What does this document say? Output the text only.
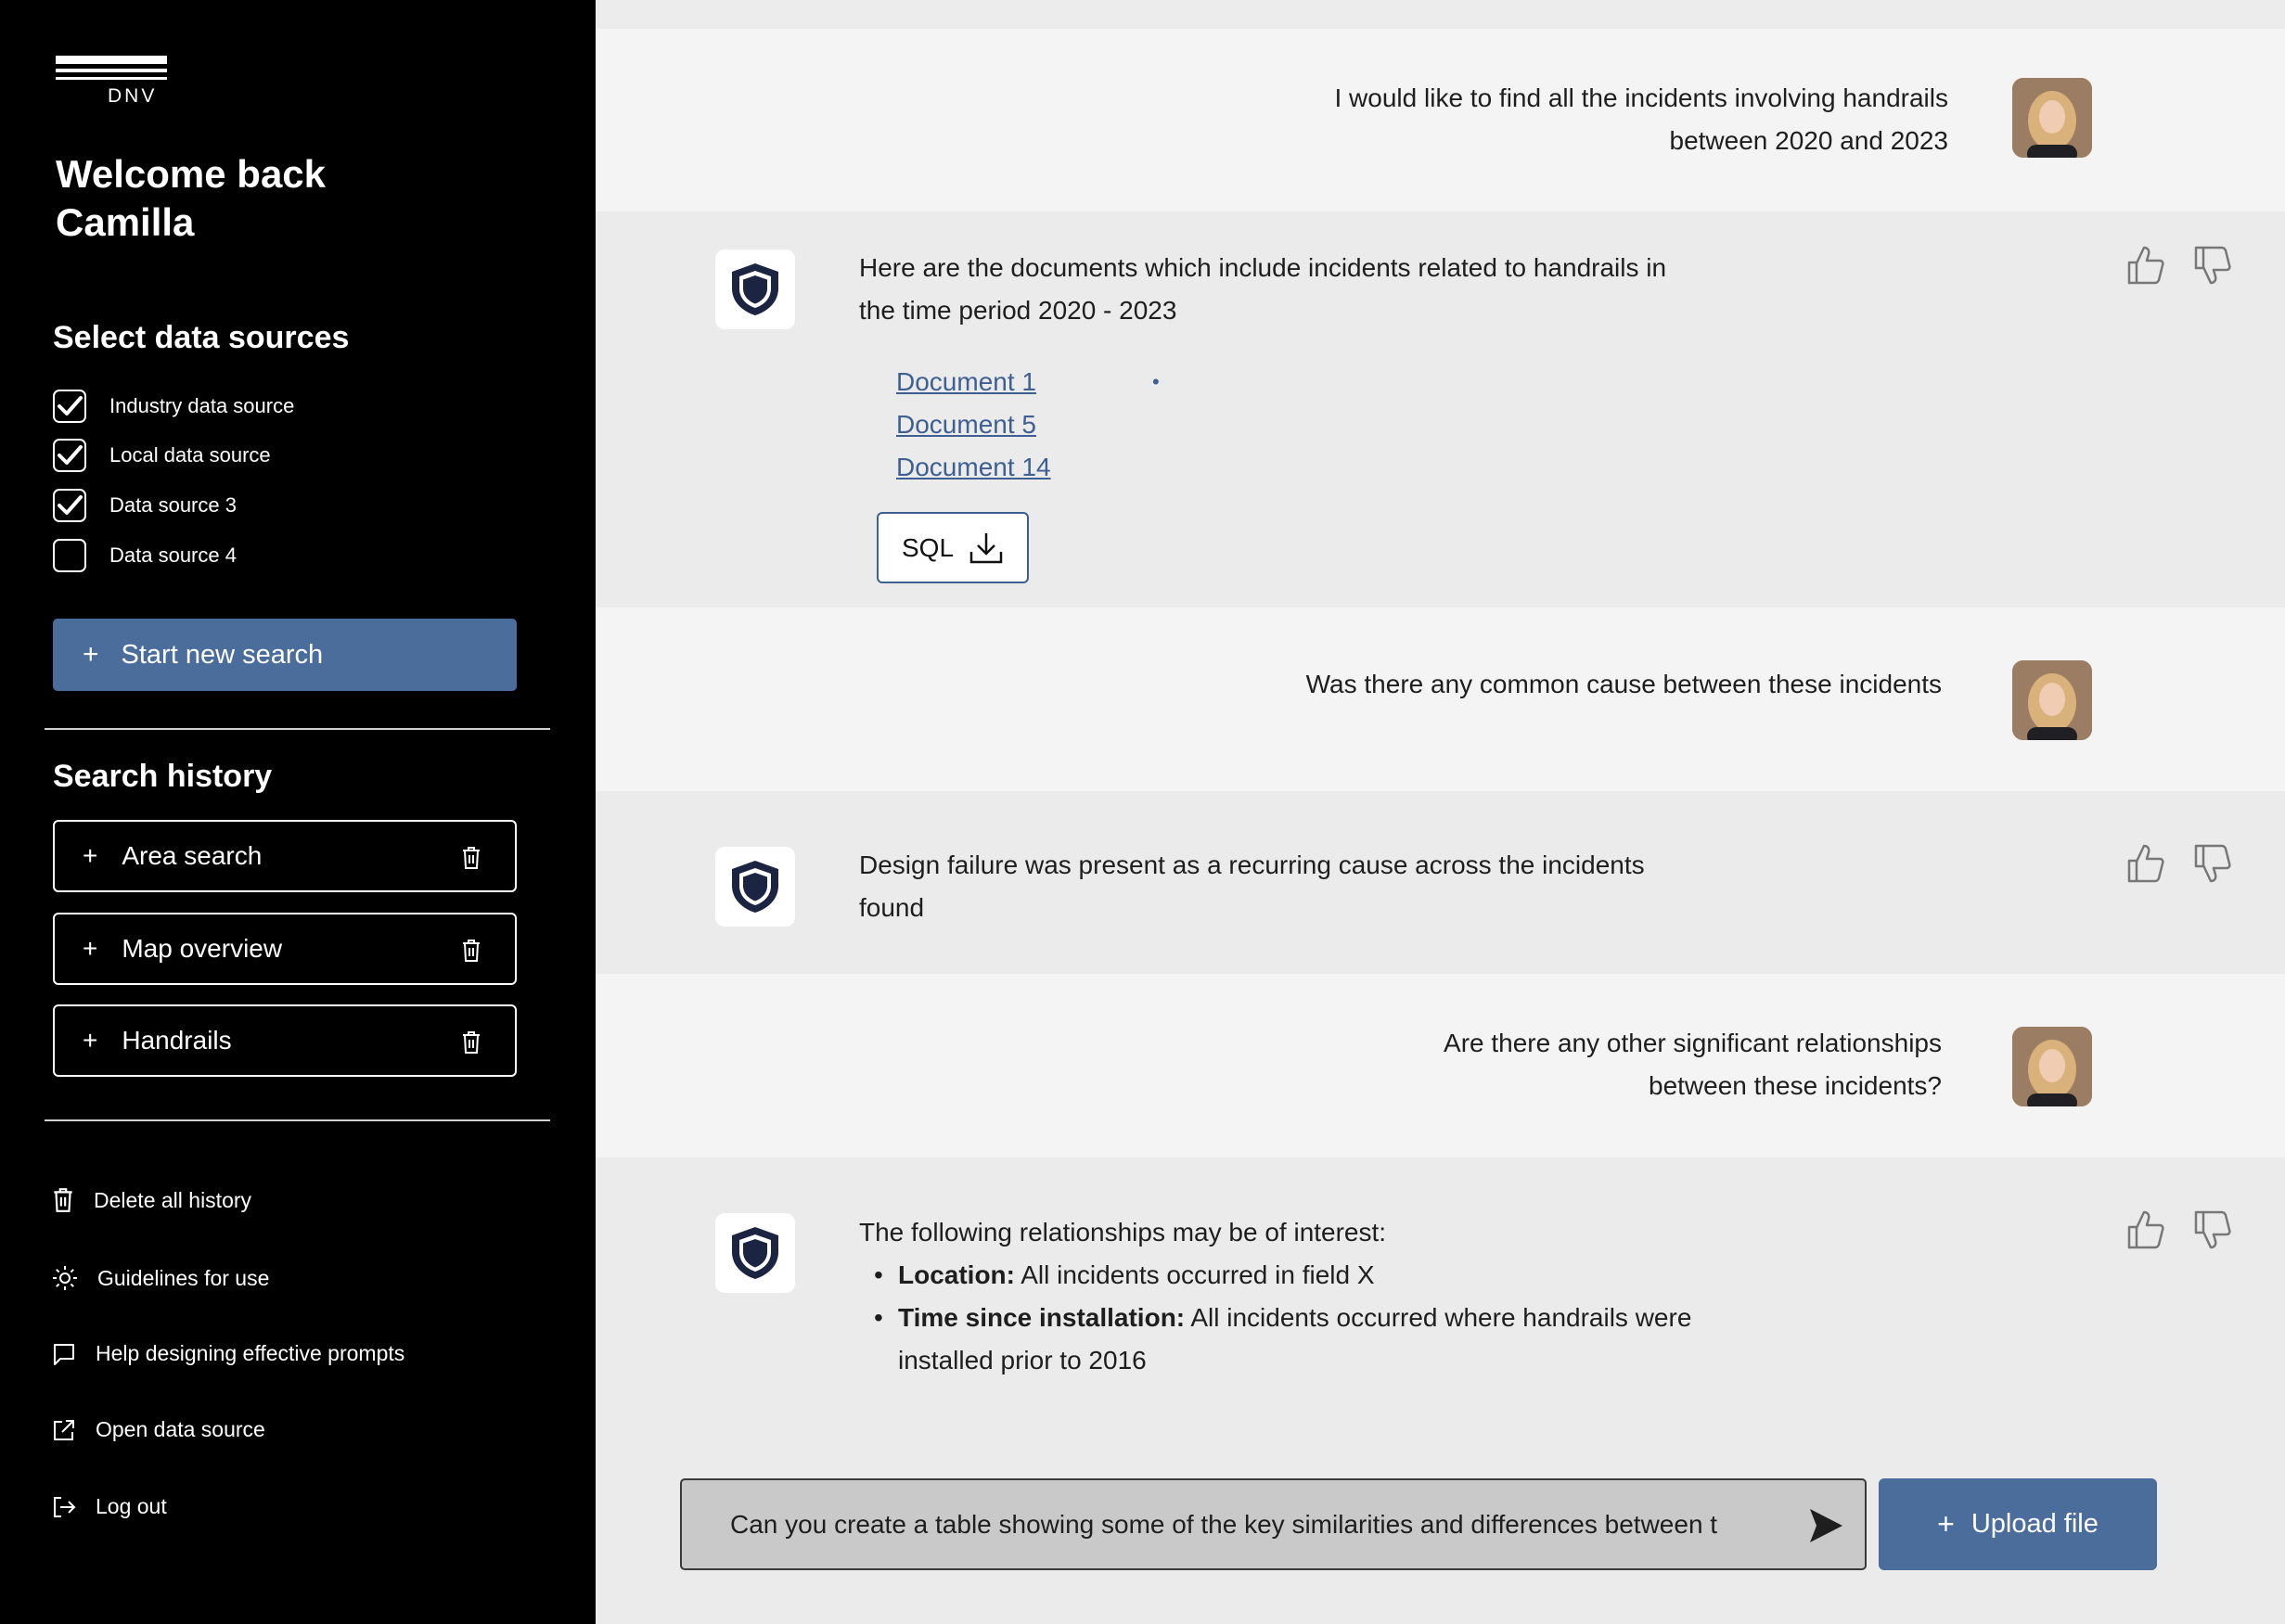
DNV
Welcome back Camilla
Select data sources
Industry data source
Local data source
Data source 3
Data source 4
+ Start new search
Search history
+ Area search
+ Map overview
+ Handrails
Delete all history
Guidelines for use
Help designing effective prompts
Open data source
Log out
I would like to find all the incidents involving handrails
between 2020 and 2023
Here are the documents which include incidents related to handrails in
the time period 2020 - 2023
•
Document 1
Document 5
Document 14
SQL
Was there any common cause between these incidents
Design failure was present as a recurring cause across the incidents
found
Are there any other significant relationships
between these incidents?
The following relationships may be of interest:
• Location: All incidents occurred in field X
• Time since installation: All incidents occurred where handrails were installed prior to 2016
Can you create a table showing some of the key similarities and differences between t	+ Upload file
